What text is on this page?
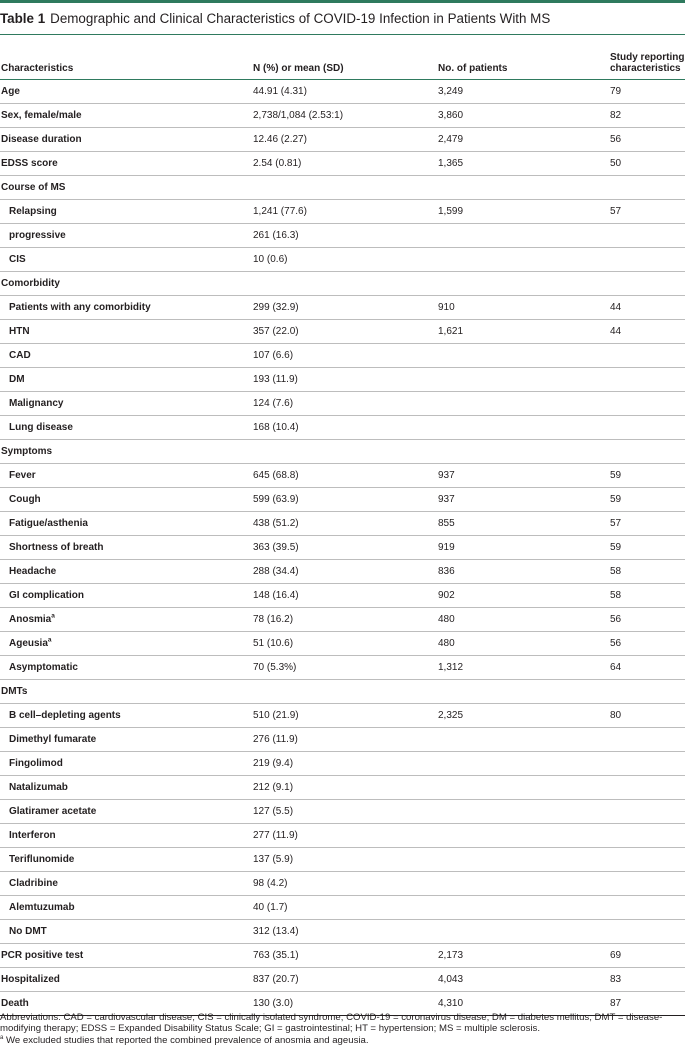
Table 1 Demographic and Clinical Characteristics of COVID-19 Infection in Patients With MS
Characteristics	N (%) or mean (SD)	No. of patients	Study reporting characteristics
Age	44.91 (4.31)	3,249	79
Sex, female/male	2,738/1,084 (2.53:1)	3,860	82
Disease duration	12.46 (2.27)	2,479	56
EDSS score	2.54 (0.81)	1,365	50
Course of MS			
Relapsing	1,241 (77.6)	1,599	57
progressive	261 (16.3)		
CIS	10 (0.6)		
Comorbidity			
Patients with any comorbidity	299 (32.9)	910	44
HTN	357 (22.0)	1,621	44
CAD	107 (6.6)		
DM	193 (11.9)		
Malignancy	124 (7.6)		
Lung disease	168 (10.4)		
Symptoms			
Fever	645 (68.8)	937	59
Cough	599 (63.9)	937	59
Fatigue/asthenia	438 (51.2)	855	57
Shortness of breath	363 (39.5)	919	59
Headache	288 (34.4)	836	58
GI complication	148 (16.4)	902	58
Anosmia$^a$	78 (16.2)	480	56
Ageusia$^a$	51 (10.6)	480	56
Asymptomatic	70 (5.3%)	1,312	64
DMTs			
B cell–depleting agents	510 (21.9)	2,325	80
Dimethyl fumarate	276 (11.9)		
Fingolimod	219 (9.4)		
Natalizumab	212 (9.1)		
Glatiramer acetate	127 (5.5)		
Interferon	277 (11.9)		
Teriflunomide	137 (5.9)		
Cladribine	98 (4.2)		
Alemtuzumab	40 (1.7)		
No DMT	312 (13.4)		
PCR positive test	763 (35.1)	2,173	69
Hospitalized	837 (20.7)	4,043	83
Death	130 (3.0)	4,310	87

Abbreviations: CAD = cardiovascular disease; CIS = clinically isolated syndrome; COVID-19 = coronavirus disease; DM = diabetes mellitus; DMT = disease-modifying therapy; EDSS = Expanded Disability Status Scale; GI = gastrointestinal; HT = hypertension; MS = multiple sclerosis.

$^a$ We excluded studies that reported the combined prevalence of anosmia and ageusia.
